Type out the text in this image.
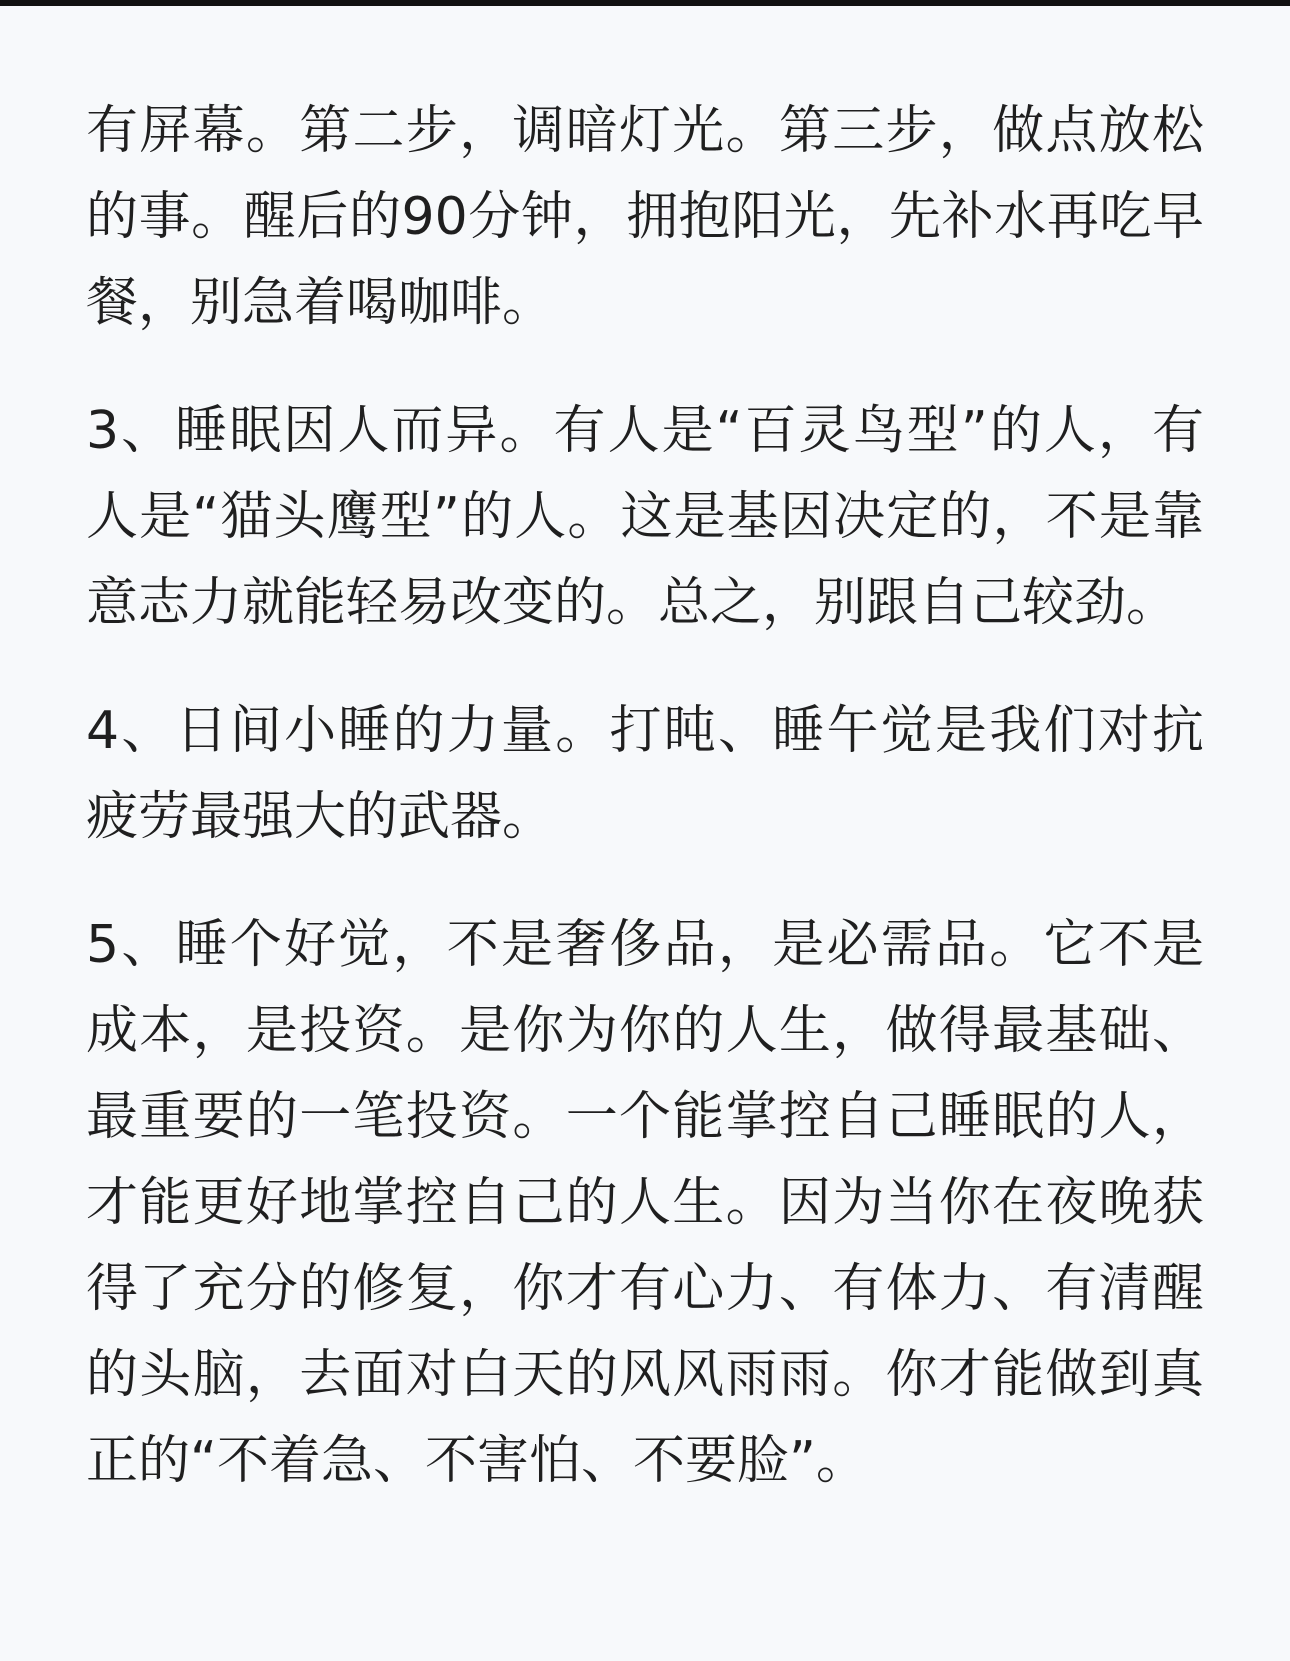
有屏幕。第二步，调暗灯光。第三步，做点放松的事。醒后的90分钟，拥抱阳光，先补水再吃早餐，别急着喝咖啡。

3、睡眠因人而异。有人是“百灵鸟型”的人，有人是“猫头鹰型”的人。这是基因决定的，不是靠意志力就能轻易改变的。总之，别跟自己较劲。

4、日间小睡的力量。打盹、睡午觉是我们对抗疲劳最强大的武器。

5、睡个好觉，不是奢侈品，是必需品。它不是成本，是投资。是你为你的人生，做得最基础、最重要的一笔投资。一个能掌控自己睡眠的人，才能更好地掌控自己的人生。因为当你在夜晚获得了充分的修复，你才有心力、有体力、有清醒的头脑，去面对白天的风风雨雨。你才能做到真正的“不着急、不害怕、不要脸”。
